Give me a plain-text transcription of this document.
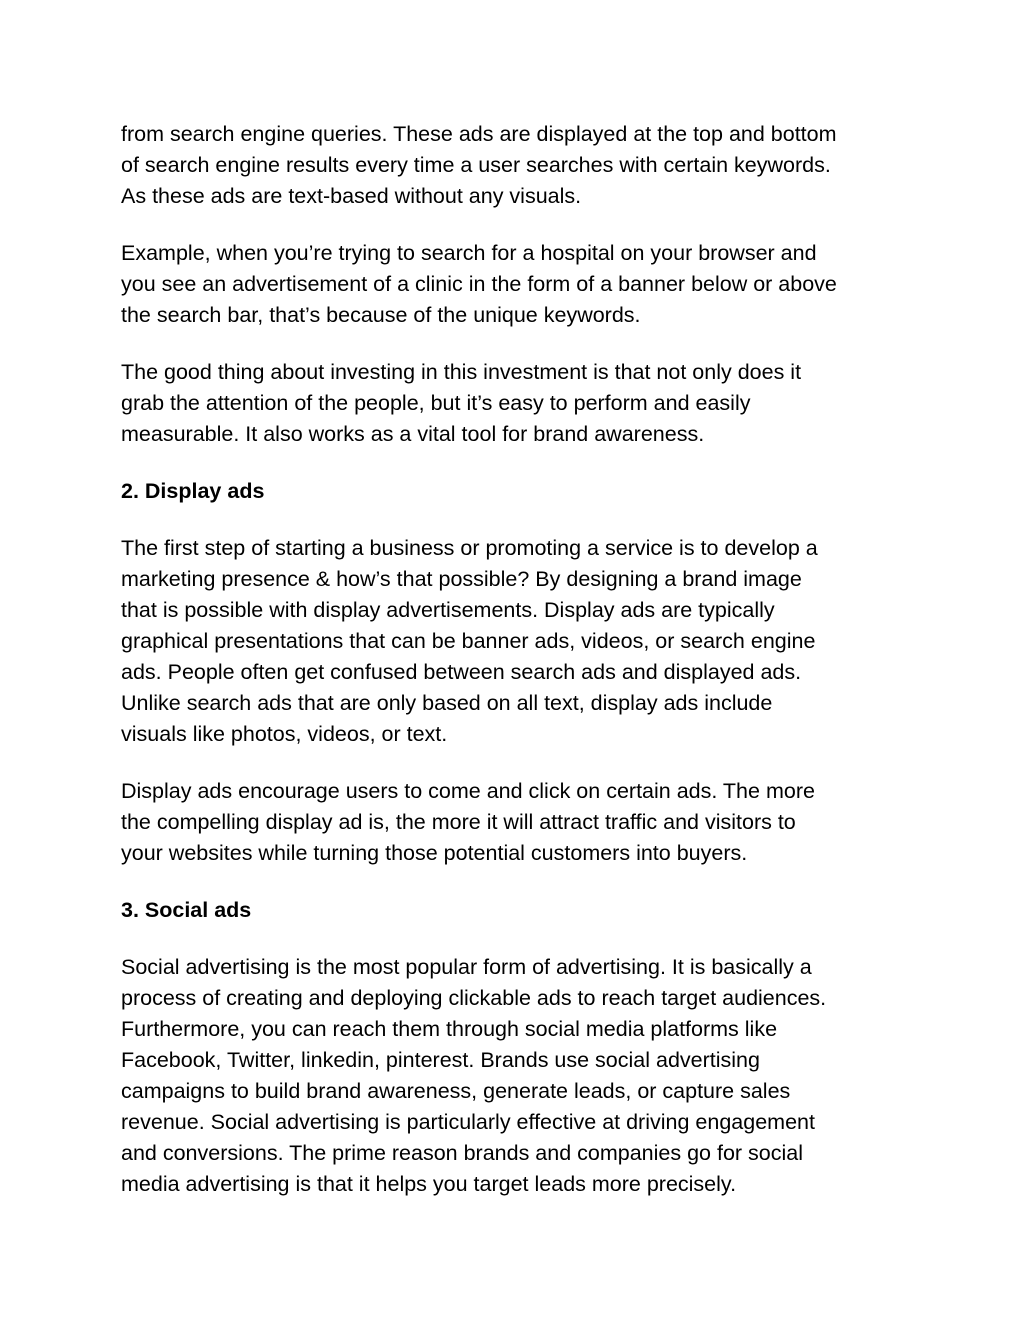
from search engine queries. These ads are displayed at the top and bottom
of search engine results every time a user searches with certain keywords.
As these ads are text-based without any visuals.

Example, when you’re trying to search for a hospital on your browser and
you see an advertisement of a clinic in the form of a banner below or above
the search bar, that’s because of the unique keywords.

The good thing about investing in this investment is that not only does it
grab the attention of the people, but it’s easy to perform and easily
measurable. It also works as a vital tool for brand awareness.

2. Display ads

The first step of starting a business or promoting a service is to develop a
marketing presence & how’s that possible? By designing a brand image
that is possible with display advertisements. Display ads are typically
graphical presentations that can be banner ads, videos, or search engine
ads. People often get confused between search ads and displayed ads.
Unlike search ads that are only based on all text, display ads include
visuals like photos, videos, or text.

Display ads encourage users to come and click on certain ads. The more
the compelling display ad is, the more it will attract traffic and visitors to
your websites while turning those potential customers into buyers.

3. Social ads

Social advertising is the most popular form of advertising. It is basically a
process of creating and deploying clickable ads to reach target audiences.
Furthermore, you can reach them through social media platforms like
Facebook, Twitter, linkedin, pinterest. Brands use social advertising
campaigns to build brand awareness, generate leads, or capture sales
revenue. Social advertising is particularly effective at driving engagement
and conversions. The prime reason brands and companies go for social
media advertising is that it helps you target leads more precisely.
